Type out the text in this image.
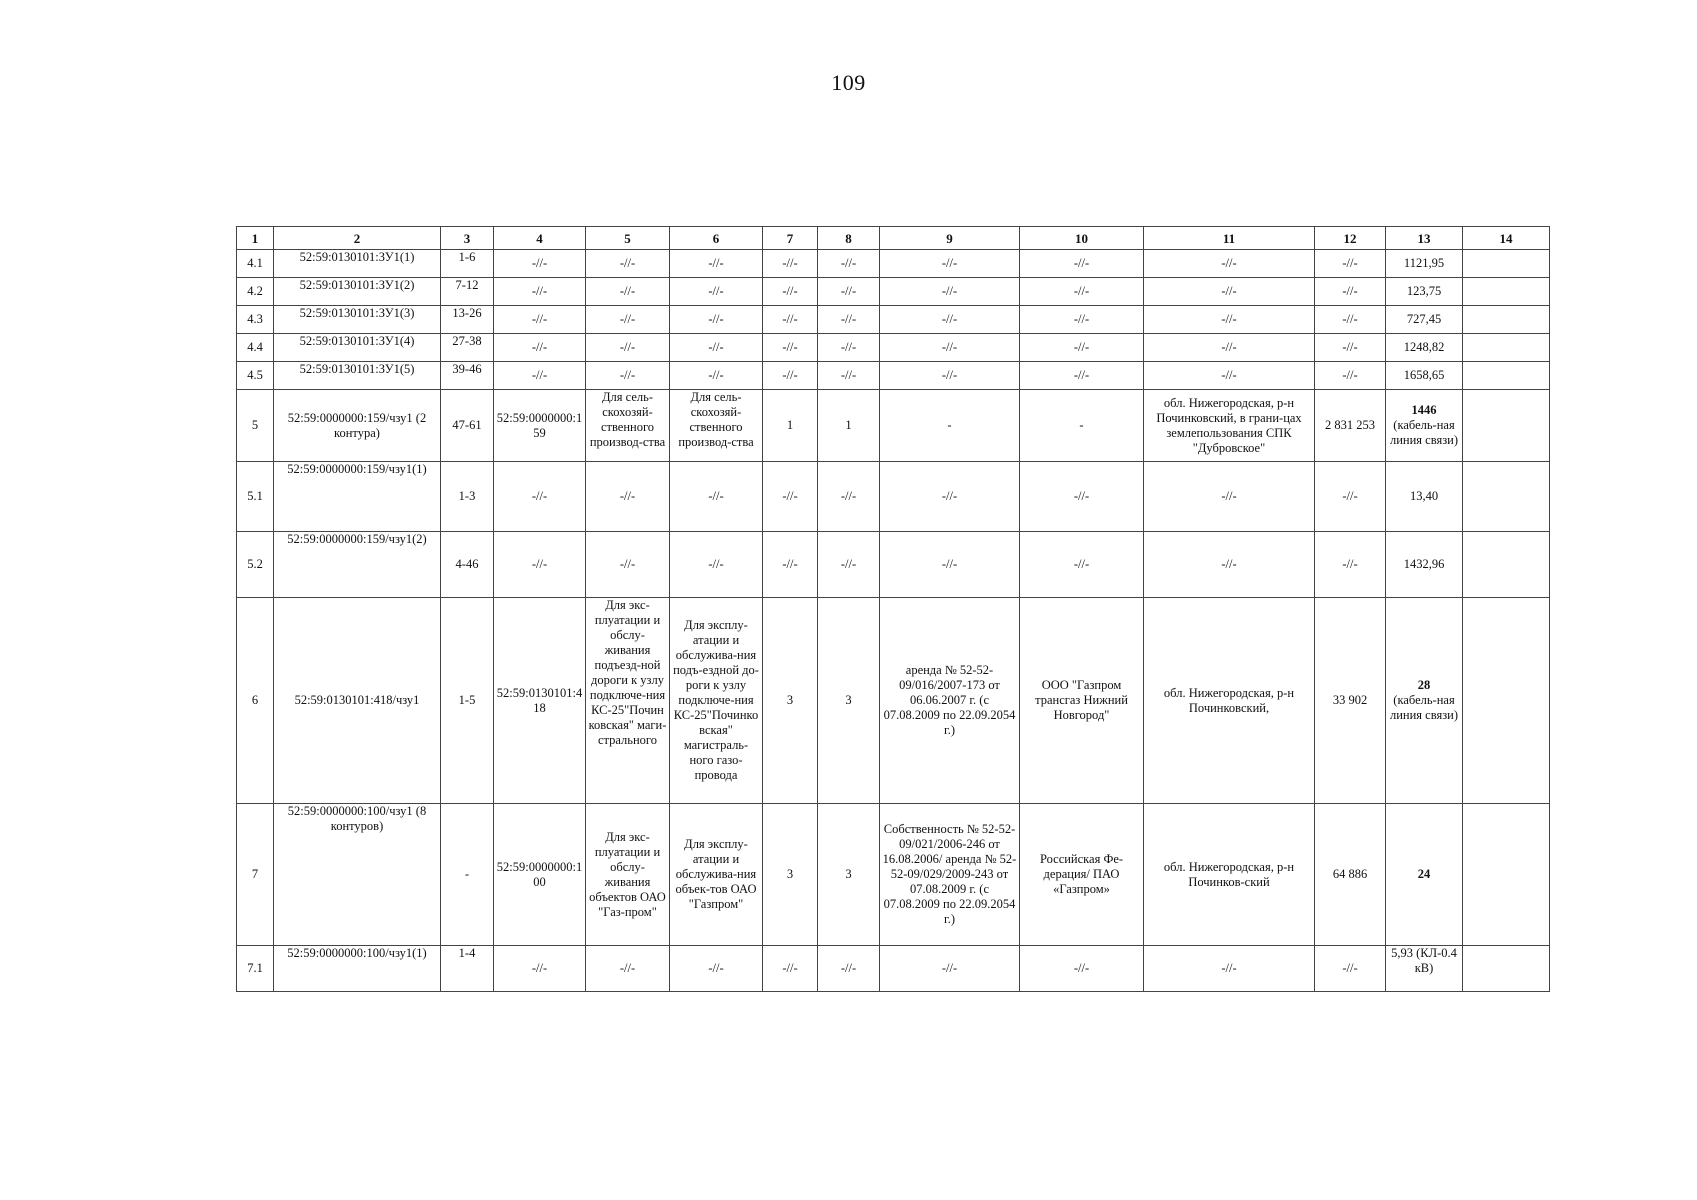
109
1	2	3	4	5	6	7	8	9	10	11	12	13	14
4.1	52:59:0130101:ЗУ1(1)	1-6	-//-	-//-	-//-	-//-	-//-	-//-	-//-	-//-	-//-	1121,95	
4.2	52:59:0130101:ЗУ1(2)	7-12	-//-	-//-	-//-	-//-	-//-	-//-	-//-	-//-	-//-	123,75	
4.3	52:59:0130101:ЗУ1(3)	13-26	-//-	-//-	-//-	-//-	-//-	-//-	-//-	-//-	-//-	727,45	
4.4	52:59:0130101:ЗУ1(4)	27-38	-//-	-//-	-//-	-//-	-//-	-//-	-//-	-//-	-//-	1248,82	
4.5	52:59:0130101:ЗУ1(5)	39-46	-//-	-//-	-//-	-//-	-//-	-//-	-//-	-//-	-//-	1658,65	
5	52:59:0000000:159/чзу1 (2 контура)	47-61	52:59:0000000:159	Для сель-скохозяй-ственного производ-ства	Для сель-скохозяй-ственного производ-ства	1	1	-	-	обл. Нижегородская, р-н Починковский, в грани-цах землепользования СПК "Дубровское"	2 831 253	1446
(кабель-ная линия связи)	
5.1	52:59:0000000:159/чзу1(1)	1-3	-//-	-//-	-//-	-//-	-//-	-//-	-//-	-//-	-//-	13,40	
5.2	52:59:0000000:159/чзу1(2)	4-46	-//-	-//-	-//-	-//-	-//-	-//-	-//-	-//-	-//-	1432,96	
6	52:59:0130101:418/чзу1	1-5	52:59:0130101:418	Для экс-плуатации и обслу-живания подъезд-ной дороги к узлу подключе-ния КС-25"Почин ковская" маги-стрального	Для эксплу-атации и обслужива-ния подъ-ездной до-роги к узлу подключе-ния КС-25"Починко вская" магистраль-ного газо-провода	3	3	аренда № 52-52-09/016/2007-173 от 06.06.2007 г. (с 07.08.2009 по 22.09.2054 г.)	ООО "Газпром трансгаз Нижний Новгород"	обл. Нижегородская, р-н Починковский,	33 902	28
(кабель-ная линия связи)	
7	52:59:0000000:100/чзу1 (8 контуров)	-	52:59:0000000:100	Для экс-плуатации и обслу-живания объектов ОАО "Газ-пром"	Для эксплу-атации и обслужива-ния объек-тов ОАО "Газпром"	3	3	Собственность № 52-52-09/021/2006-246 от 16.08.2006/ аренда № 52-52-09/029/2009-243 от 07.08.2009 г. (с 07.08.2009 по 22.09.2054 г.)	Российская Фе-дерация/ ПАО «Газпром»	обл. Нижегородская, р-н Починков-ский	64 886	24	
7.1	52:59:0000000:100/чзу1(1)	1-4	-//-	-//-	-//-	-//-	-//-	-//-	-//-	-//-	-//-	5,93 (КЛ-0.4 кВ)	
